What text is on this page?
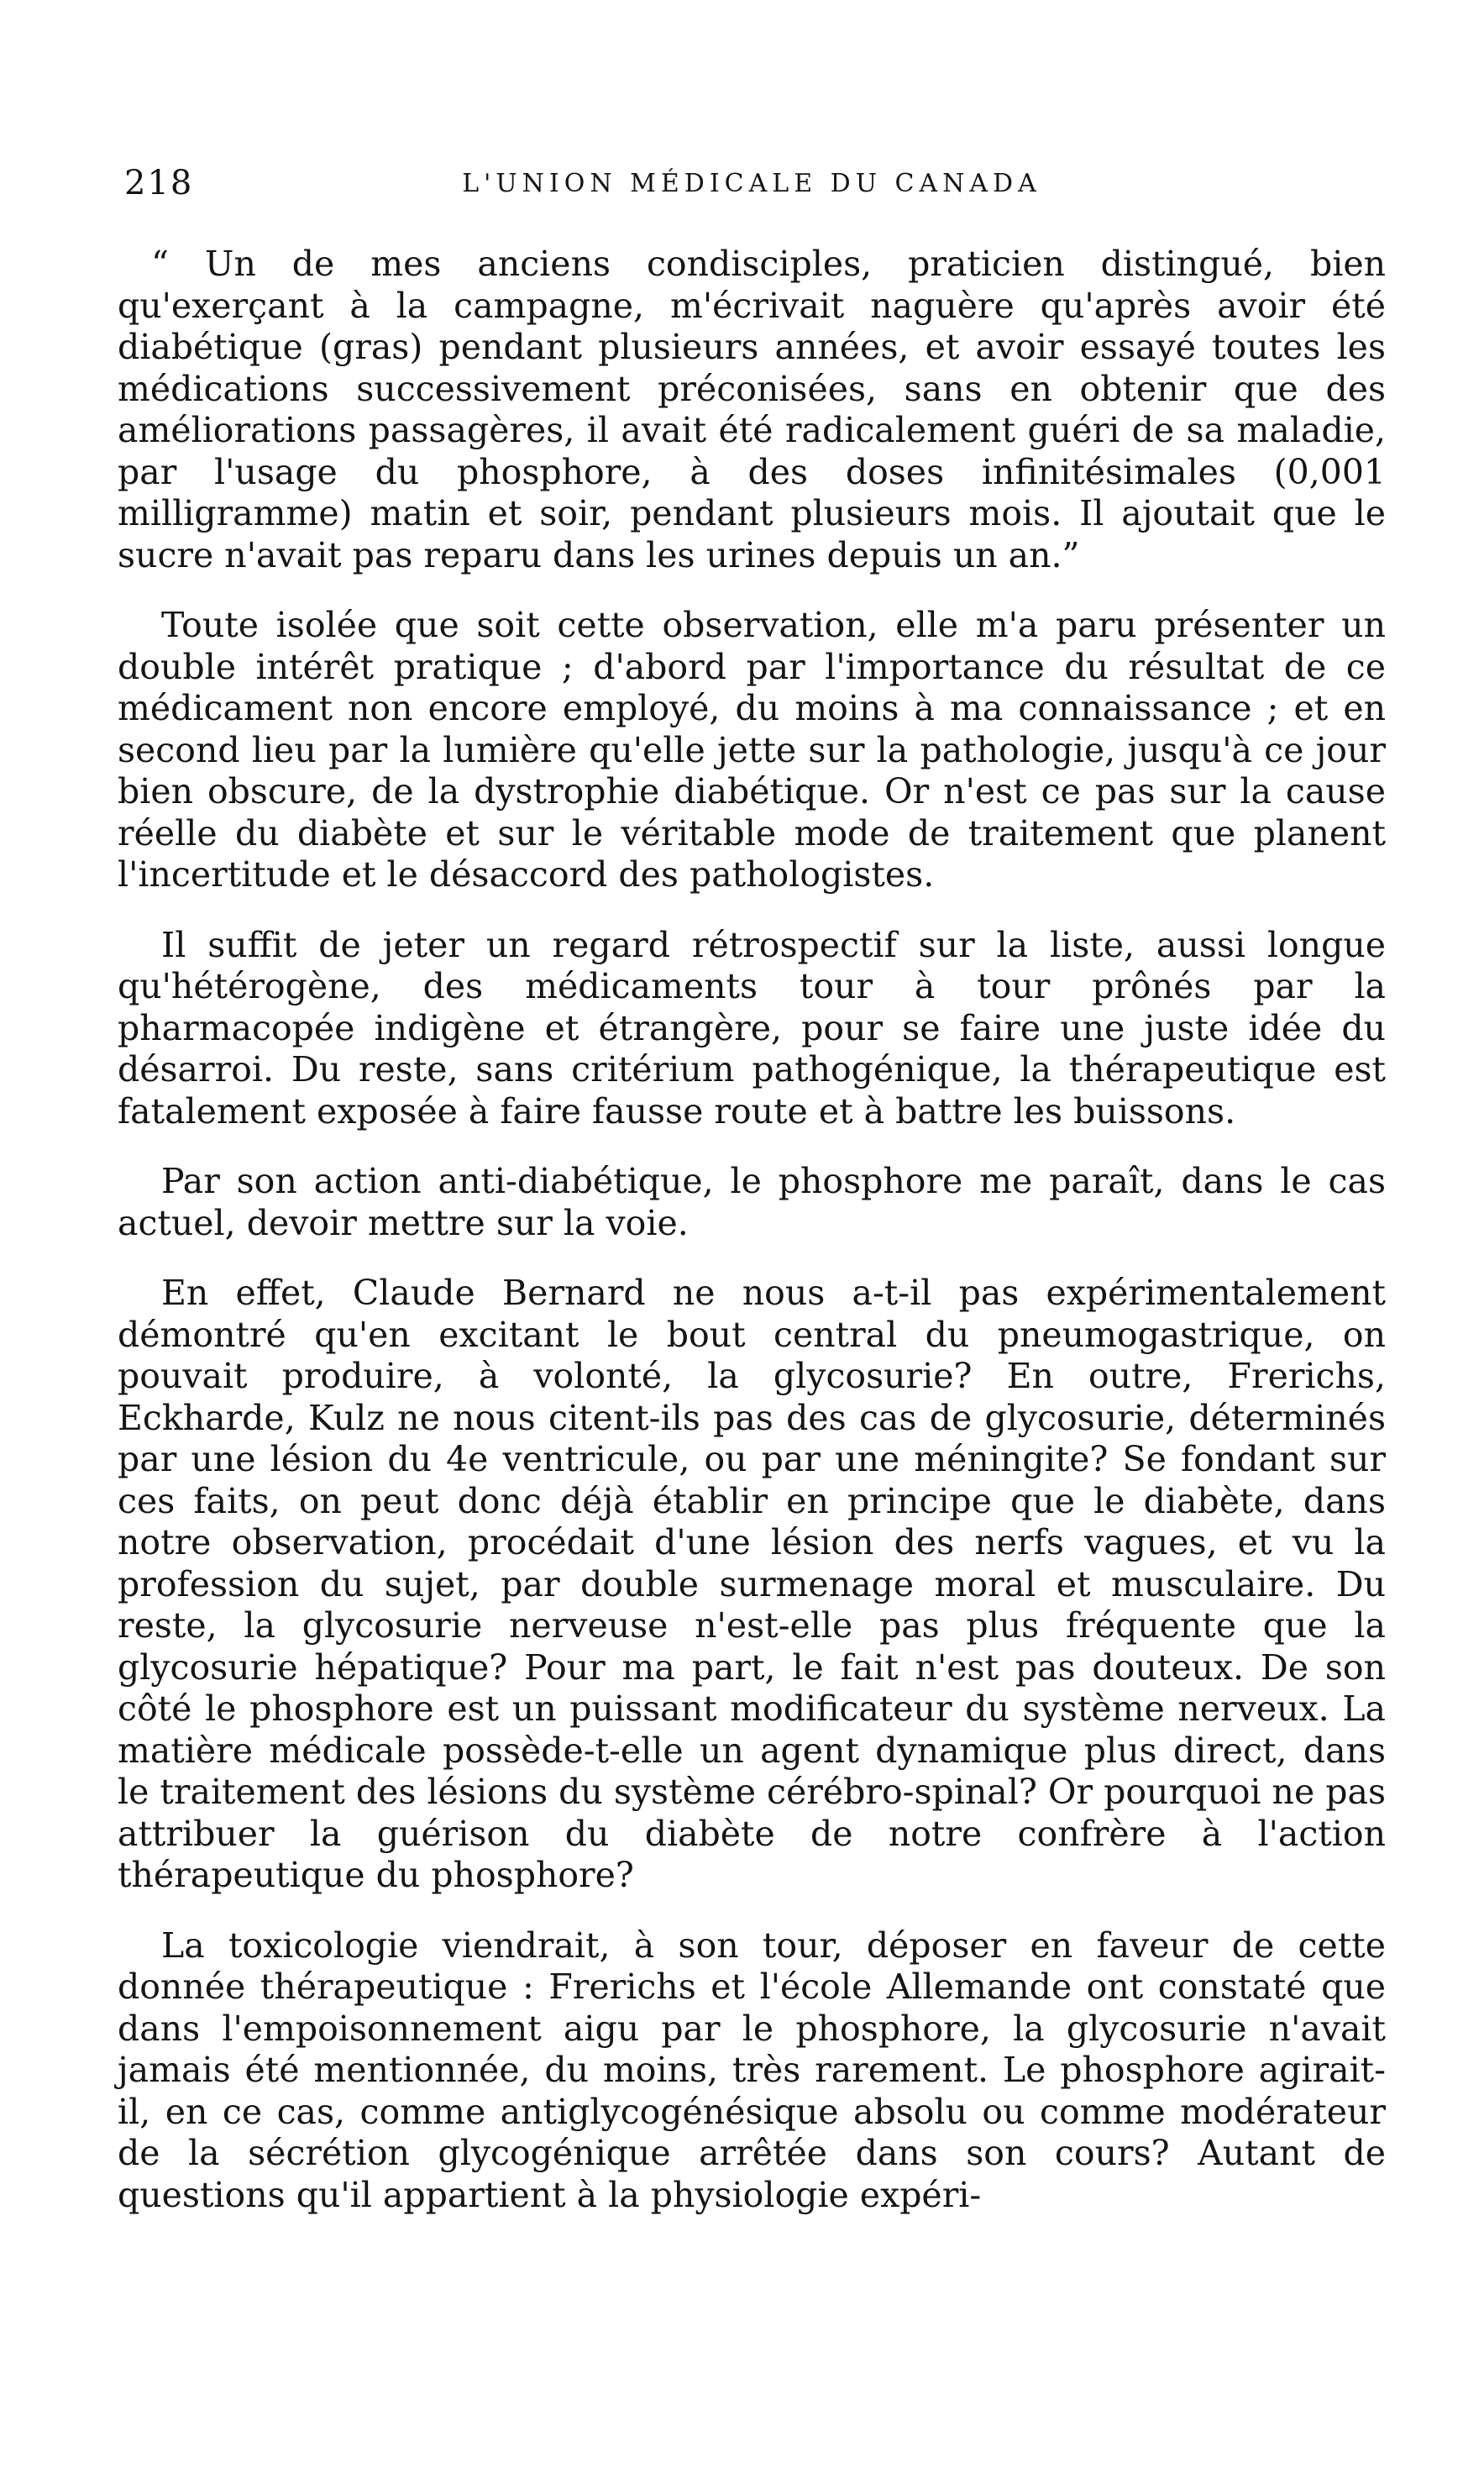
218	L'UNION MÉDICALE DU CANADA

“ Un de mes anciens condisciples, praticien distingué, bien qu'exerçant à la campagne, m'écrivait naguère qu'après avoir été diabétique (gras) pendant plusieurs années, et avoir essayé toutes les médications successivement préconisées, sans en obtenir que des améliorations passagères, il avait été radicalement guéri de sa maladie, par l'usage du phosphore, à des doses infinitésimales (0,001 milligramme) matin et soir, pendant plusieurs mois. Il ajoutait que le sucre n'avait pas reparu dans les urines depuis un an.”

Toute isolée que soit cette observation, elle m'a paru présenter un double intérêt pratique ; d'abord par l'importance du résultat de ce médicament non encore employé, du moins à ma connaissance ; et en second lieu par la lumière qu'elle jette sur la pathologie, jusqu'à ce jour bien obscure, de la dystrophie diabétique. Or n'est ce pas sur la cause réelle du diabète et sur le véritable mode de traitement que planent l'incertitude et le désaccord des pathologistes.

Il suffit de jeter un regard rétrospectif sur la liste, aussi longue qu'hétérogène, des médicaments tour à tour prônés par la pharmacopée indigène et étrangère, pour se faire une juste idée du désarroi. Du reste, sans critérium pathogénique, la thérapeutique est fatalement exposée à faire fausse route et à battre les buissons.

Par son action anti-diabétique, le phosphore me paraît, dans le cas actuel, devoir mettre sur la voie.

En effet, Claude Bernard ne nous a-t-il pas expérimentalement démontré qu'en excitant le bout central du pneumogastrique, on pouvait produire, à volonté, la glycosurie? En outre, Frerichs, Eckharde, Kulz ne nous citent-ils pas des cas de glycosurie, déterminés par une lésion du 4e ventricule, ou par une méningite? Se fondant sur ces faits, on peut donc déjà établir en principe que le diabète, dans notre observation, procédait d'une lésion des nerfs vagues, et vu la profession du sujet, par double surmenage moral et musculaire. Du reste, la glycosurie nerveuse n'est-elle pas plus fréquente que la glycosurie hépatique? Pour ma part, le fait n'est pas douteux. De son côté le phosphore est un puissant modificateur du système nerveux. La matière médicale possède-t-elle un agent dynamique plus direct, dans le traitement des lésions du système cérébro-spinal? Or pourquoi ne pas attribuer la guérison du diabète de notre confrère à l'action thérapeutique du phosphore?

La toxicologie viendrait, à son tour, déposer en faveur de cette donnée thérapeutique : Frerichs et l'école Allemande ont constaté que dans l'empoisonnement aigu par le phosphore, la glycosurie n'avait jamais été mentionnée, du moins, très rarement. Le phosphore agirait-il, en ce cas, comme antiglycogénésique absolu ou comme modérateur de la sécrétion glycogénique arrêtée dans son cours? Autant de questions qu'il appartient à la physiologie expéri-
